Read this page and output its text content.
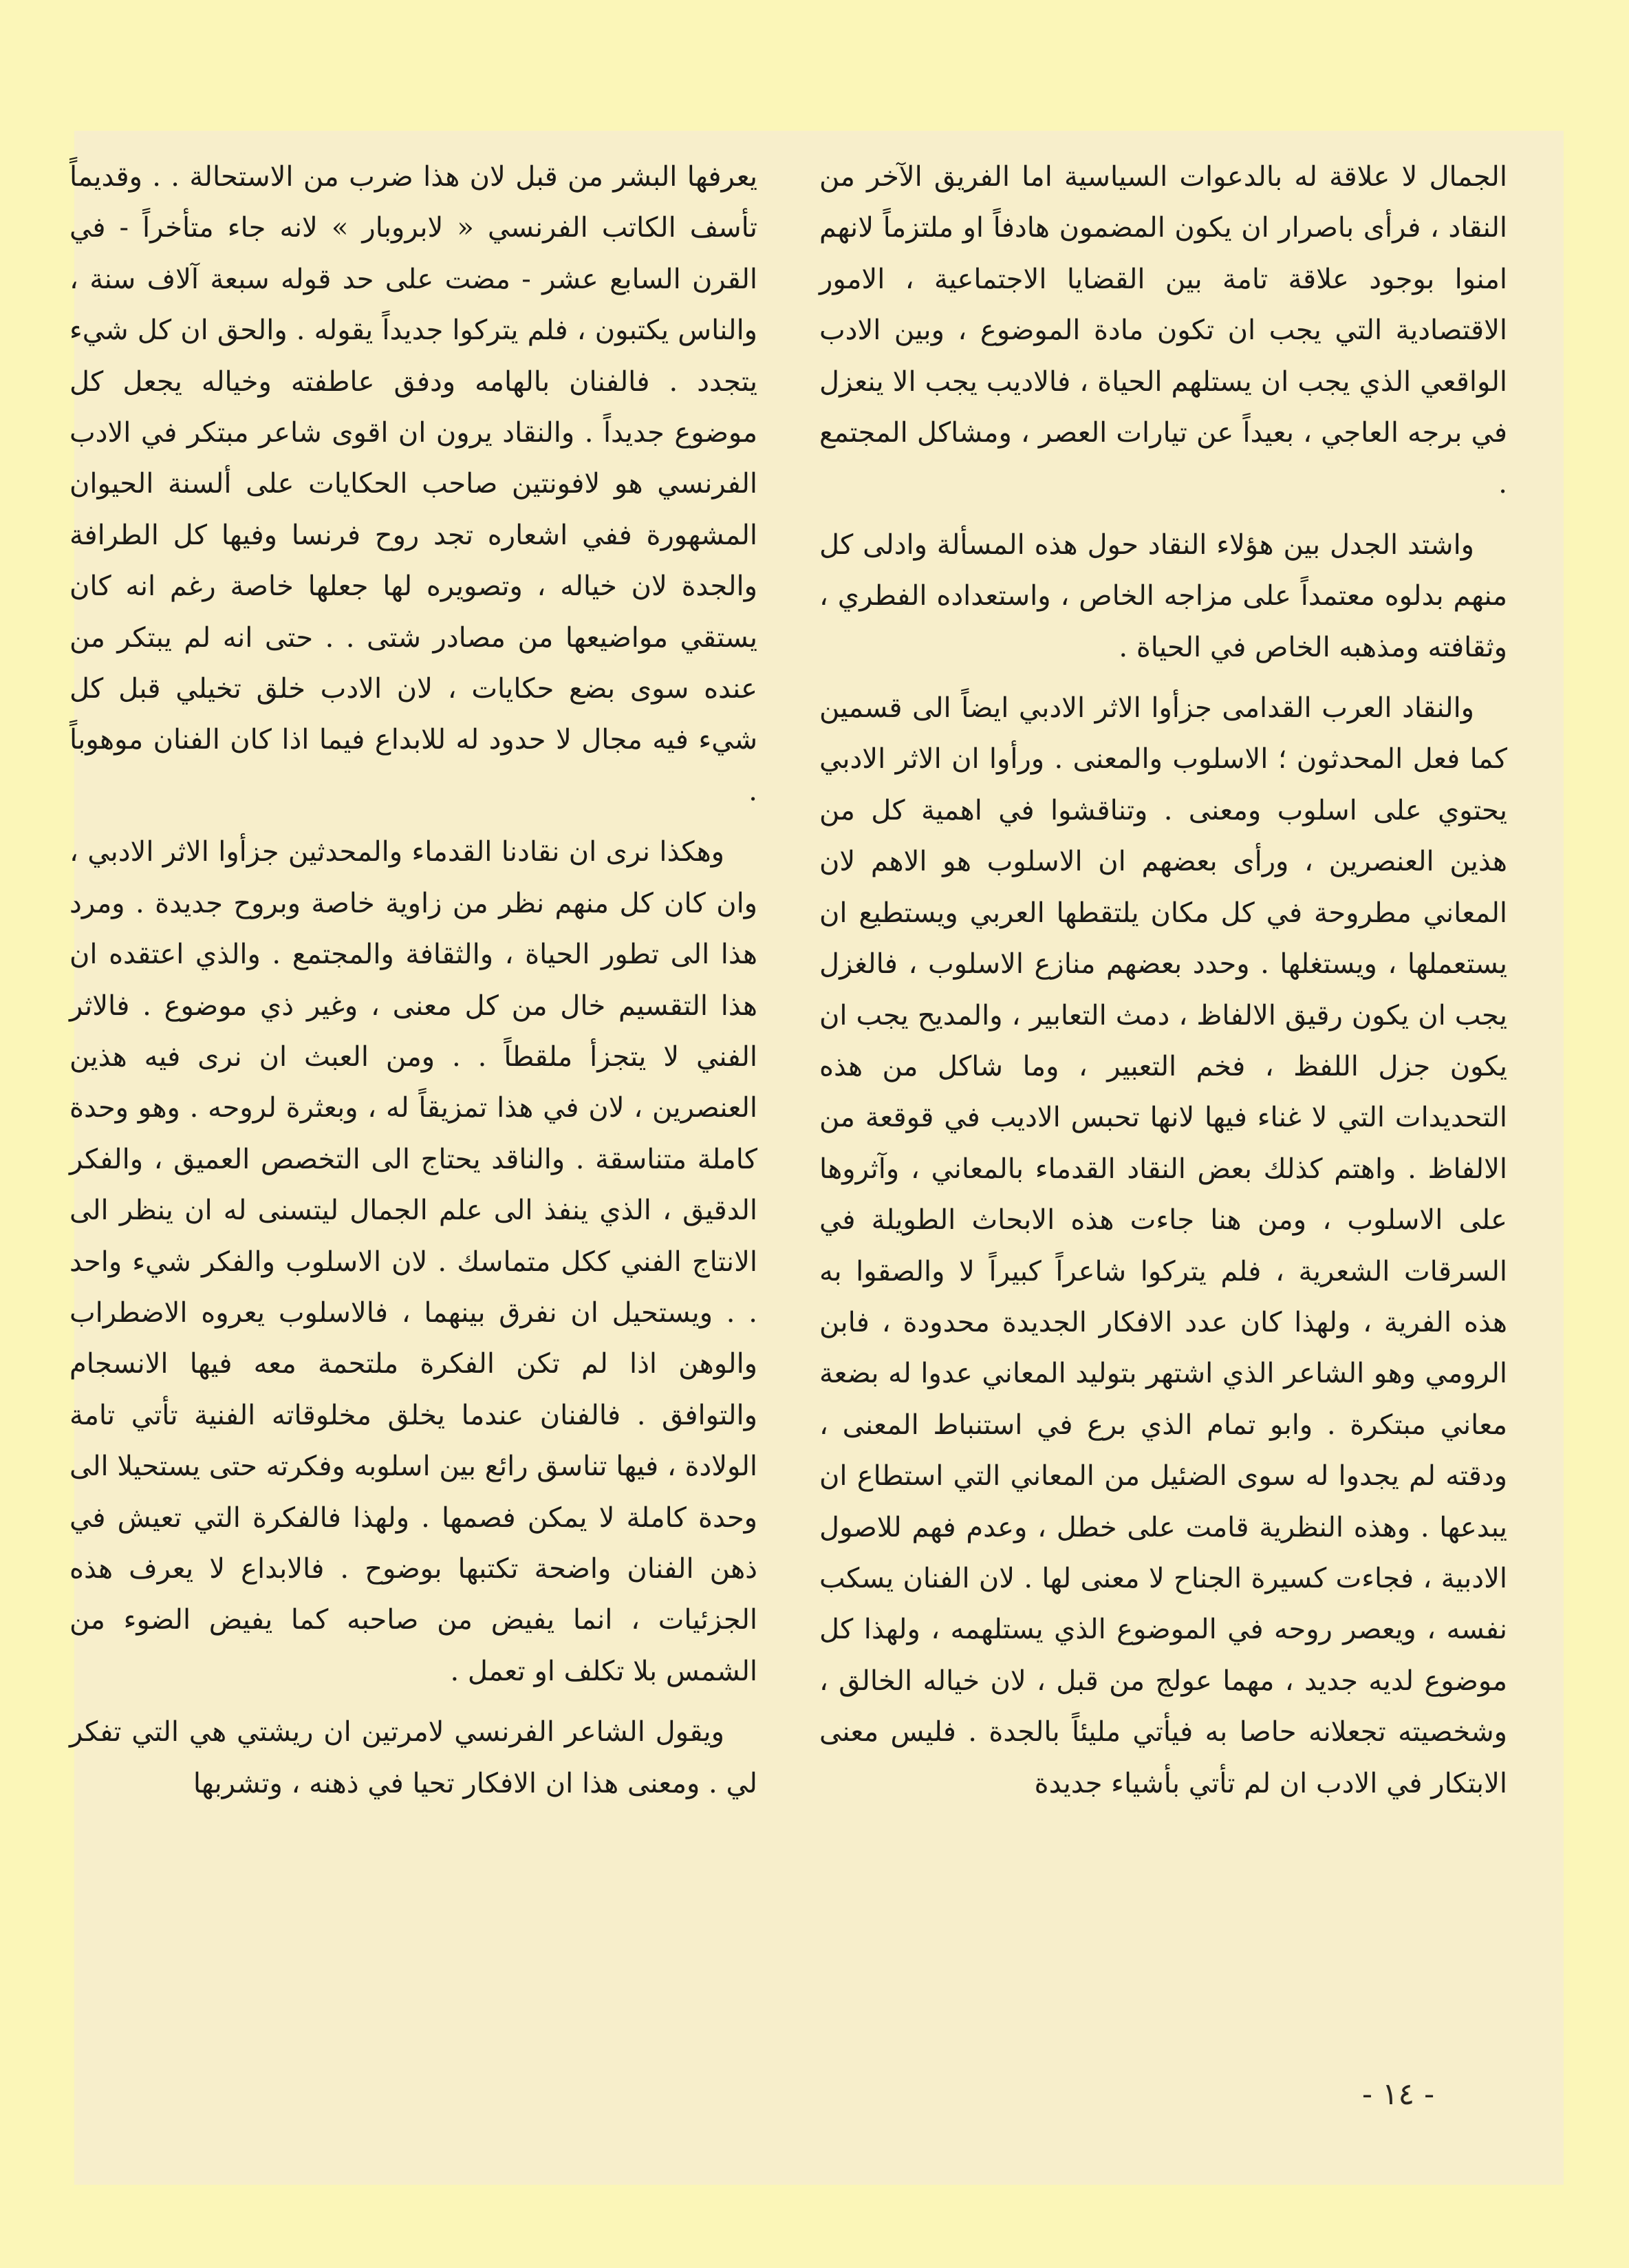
الجمال لا علاقة له بالدعوات السياسية اما الفريق الآخر من النقاد ، فرأى باصرار ان يكون المضمون هادفاً او ملتزماً لانهم امنوا بوجود علاقة تامة بين القضايا الاجتماعية ، الامور الاقتصادية التي يجب ان تكون مادة الموضوع ، وبين الادب الواقعي الذي يجب ان يستلهم الحياة ، فالاديب يجب الا ينعزل في برجه العاجي ، بعيداً عن تيارات العصر ، ومشاكل المجتمع .

واشتد الجدل بين هؤلاء النقاد حول هذه المسألة وادلى كل منهم بدلوه معتمداً على مزاجه الخاص ، واستعداده الفطري ، وثقافته ومذهبه الخاص في الحياة .

والنقاد العرب القدامى جزأوا الاثر الادبي ايضاً الى قسمين كما فعل المحدثون ؛ الاسلوب والمعنى . ورأوا ان الاثر الادبي يحتوي على اسلوب ومعنى . وتناقشوا في اهمية كل من هذين العنصرين ، ورأى بعضهم ان الاسلوب هو الاهم لان المعاني مطروحة في كل مكان يلتقطها العربي ويستطيع ان يستعملها ، ويستغلها . وحدد بعضهم منازع الاسلوب ، فالغزل يجب ان يكون رقيق الالفاظ ، دمث التعابير ، والمديح يجب ان يكون جزل اللفظ ، فخم التعبير ، وما شاكل من هذه التحديدات التي لا غناء فيها لانها تحبس الاديب في قوقعة من الالفاظ . واهتم كذلك بعض النقاد القدماء بالمعاني ، وآثروها على الاسلوب ، ومن هنا جاءت هذه الابحاث الطويلة في السرقات الشعرية ، فلم يتركوا شاعراً كبيراً لا والصقوا به هذه الفرية ، ولهذا كان عدد الافكار الجديدة محدودة ، فابن الرومي وهو الشاعر الذي اشتهر بتوليد المعاني عدوا له بضعة معاني مبتكرة . وابو تمام الذي برع في استنباط المعنى ، ودقته لم يجدوا له سوى الضئيل من المعاني التي استطاع ان يبدعها . وهذه النظرية قامت على خطل ، وعدم فهم للاصول الادبية ، فجاءت كسيرة الجناح لا معنى لها . لان الفنان يسكب نفسه ، ويعصر روحه في الموضوع الذي يستلهمه ، ولهذا كل موضوع لديه جديد ، مهما عولج من قبل ، لان خياله الخالق ، وشخصيته تجعلانه حاصا به فيأتي مليئاً بالجدة . فليس معنى الابتكار في الادب ان لم تأتي بأشياء جديدة

يعرفها البشر من قبل لان هذا ضرب من الاستحالة . . وقديماً تأسف الكاتب الفرنسي « لابروبار » لانه جاء متأخراً - في القرن السابع عشر - مضت على حد قوله سبعة آلاف سنة ، والناس يكتبون ، فلم يتركوا جديداً يقوله . والحق ان كل شيء يتجدد . فالفنان بالهامه ودفق عاطفته وخياله يجعل كل موضوع جديداً . والنقاد يرون ان اقوى شاعر مبتكر في الادب الفرنسي هو لافونتين صاحب الحكايات على ألسنة الحيوان المشهورة ففي اشعاره تجد روح فرنسا وفيها كل الطرافة والجدة لان خياله ، وتصويره لها جعلها خاصة رغم انه كان يستقي مواضيعها من مصادر شتى . . حتى انه لم يبتكر من عنده سوى بضع حكايات ، لان الادب خلق تخيلي قبل كل شيء فيه مجال لا حدود له للابداع فيما اذا كان الفنان موهوباً .

وهكذا نرى ان نقادنا القدماء والمحدثين جزأوا الاثر الادبي ، وان كان كل منهم نظر من زاوية خاصة وبروح جديدة . ومرد هذا الى تطور الحياة ، والثقافة والمجتمع . والذي اعتقده ان هذا التقسيم خال من كل معنى ، وغير ذي موضوع . فالاثر الفني لا يتجزأ ملقطاً . . ومن العبث ان نرى فيه هذين العنصرين ، لان في هذا تمزيقاً له ، وبعثرة لروحه . وهو وحدة كاملة متناسقة . والناقد يحتاج الى التخصص العميق ، والفكر الدقيق ، الذي ينفذ الى علم الجمال ليتسنى له ان ينظر الى الانتاج الفني ككل متماسك . لان الاسلوب والفكر شيء واحد . . ويستحيل ان نفرق بينهما ، فالاسلوب يعروه الاضطراب والوهن اذا لم تكن الفكرة ملتحمة معه فيها الانسجام والتوافق . فالفنان عندما يخلق مخلوقاته الفنية تأتي تامة الولادة ، فيها تناسق رائع بين اسلوبه وفكرته حتى يستحيلا الى وحدة كاملة لا يمكن فصمها . ولهذا فالفكرة التي تعيش في ذهن الفنان واضحة تكتبها بوضوح . فالابداع لا يعرف هذه الجزئيات ، انما يفيض من صاحبه كما يفيض الضوء من الشمس بلا تكلف او تعمل .

ويقول الشاعر الفرنسي لامرتين ان ريشتي هي التي تفكر لي . ومعنى هذا ان الافكار تحيا في ذهنه ، وتشربها

- ١٤ -
